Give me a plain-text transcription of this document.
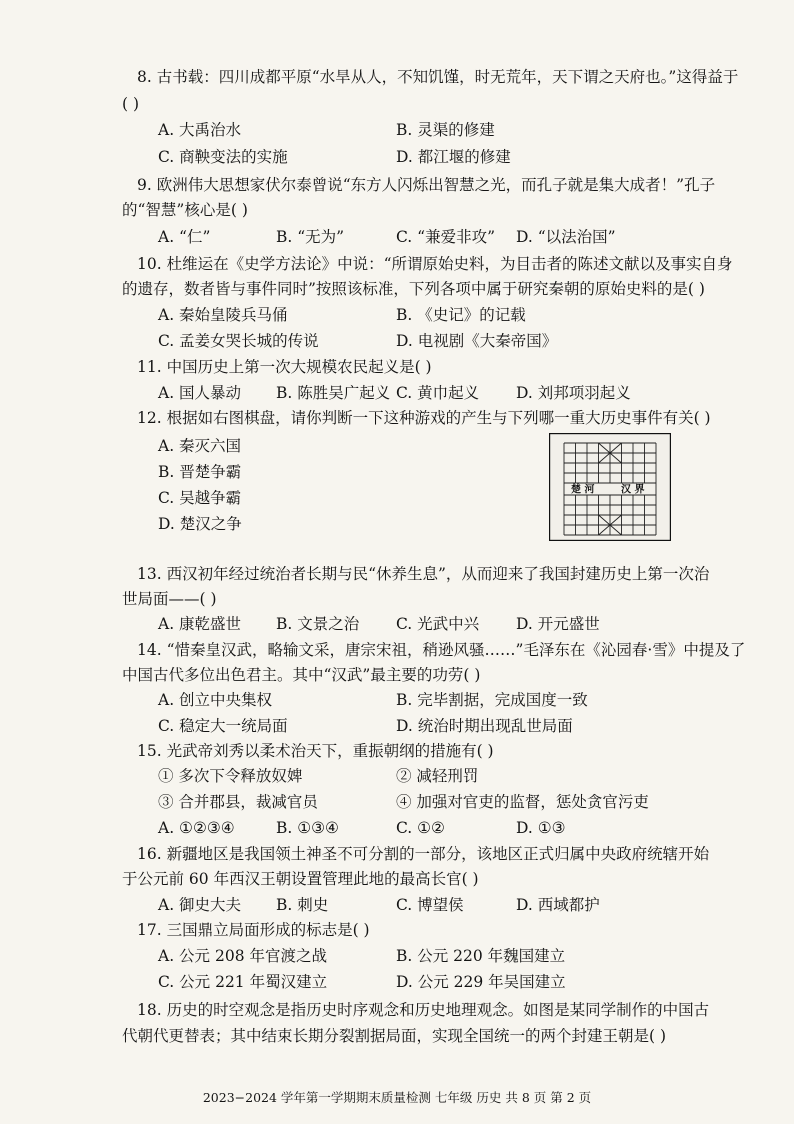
8. 古书载：四川成都平原“水旱从人，不知饥馑，时无荒年，天下谓之天府也。”这得益于
( )
A. 大禹治水	B. 灵渠的修建
C. 商鞅变法的实施	D. 都江堰的修建
9. 欧洲伟大思想家伏尔泰曾说“东方人闪烁出智慧之光，而孔子就是集大成者！”孔子
的“智慧”核心是( )
A. “仁”	B. “无为”	C. “兼爱非攻” D. “以法治国”
10. 杜维运在《史学方法论》中说：“所谓原始史料，为目击者的陈述文献以及事实自身
的遗存，数者皆与事件同时”按照该标准，下列各项中属于研究秦朝的原始史料的是( )
A. 秦始皇陵兵马俑	B. 《史记》的记载
C. 孟姜女哭长城的传说	D. 电视剧《大秦帝国》
11. 中国历史上第一次大规模农民起义是( )
A. 国人暴动 B. 陈胜吴广起义 C. 黄巾起义 D. 刘邦项羽起义
12. 根据如右图棋盘，请你判断一下这种游戏的产生与下列哪一重大历史事件有关( )
A. 秦灭六国
B. 晋楚争霸
C. 吴越争霸
D. 楚汉之争
楚 河	汉 界
13. 西汉初年经过统治者长期与民“休养生息”，从而迎来了我国封建历史上第一次治
世局面——( )
A. 康乾盛世 B. 文景之治 C. 光武中兴 D. 开元盛世
14. “惜秦皇汉武，略输文采，唐宗宋祖，稍逊风骚……”毛泽东在《沁园春·雪》中提及了
中国古代多位出色君主。其中“汉武”最主要的功劳( )
A. 创立中央集权	B. 完毕割据，完成国度一致
C. 稳定大一统局面	D. 统治时期出现乱世局面
15. 光武帝刘秀以柔术治天下，重振朝纲的措施有( )
① 多次下令释放奴婢	② 减轻刑罚
③ 合并郡县，裁减官员	④ 加强对官吏的监督，惩处贪官污吏
A. ①②③④	B. ①③④	C. ①②	D. ①③
16. 新疆地区是我国领土神圣不可分割的一部分，该地区正式归属中央政府统辖开始
于公元前 60 年西汉王朝设置管理此地的最高长官( )
A. 御史大夫 B. 刺史	C. 博望侯	D. 西域都护
17. 三国鼎立局面形成的标志是( )
A. 公元 208 年官渡之战	B. 公元 220 年魏国建立
C. 公元 221 年蜀汉建立	D. 公元 229 年吴国建立
18. 历史的时空观念是指历史时序观念和历史地理观念。如图是某同学制作的中国古
代朝代更替表；其中结束长期分裂割据局面，实现全国统一的两个封建王朝是( )
2023−2024 学年第一学期期末质量检测 七年级 历史 共 8 页 第 2 页
